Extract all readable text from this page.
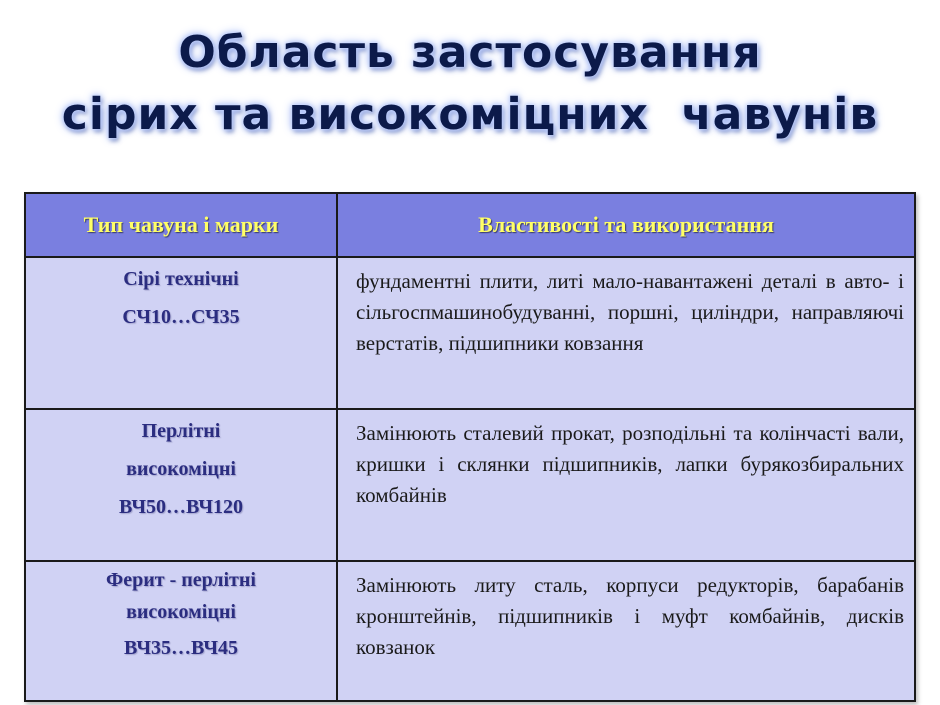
Область застосування
сірих та високоміцних  чавунів
Тип чавуна і марки	Властивості та використання

Сірі технічні
СЧ10…СЧ35	фундаментні плити, литі мало-навантажені деталі в авто- і сільгоспмашинобудуванні, поршні, циліндри, направляючі верстатів, підшипники ковзання

Перлітні
високоміцні
ВЧ50…ВЧ120	Замінюють сталевий прокат, розподільні та колінчасті вали, кришки і склянки підшипників, лапки бурякозбиральних комбайнів

Ферит - перлітні
високоміцні
ВЧ35…ВЧ45	Замінюють литу сталь, корпуси редукторів, барабанів кронштейнів, підшипників і муфт комбайнів, дисків ковзанок
